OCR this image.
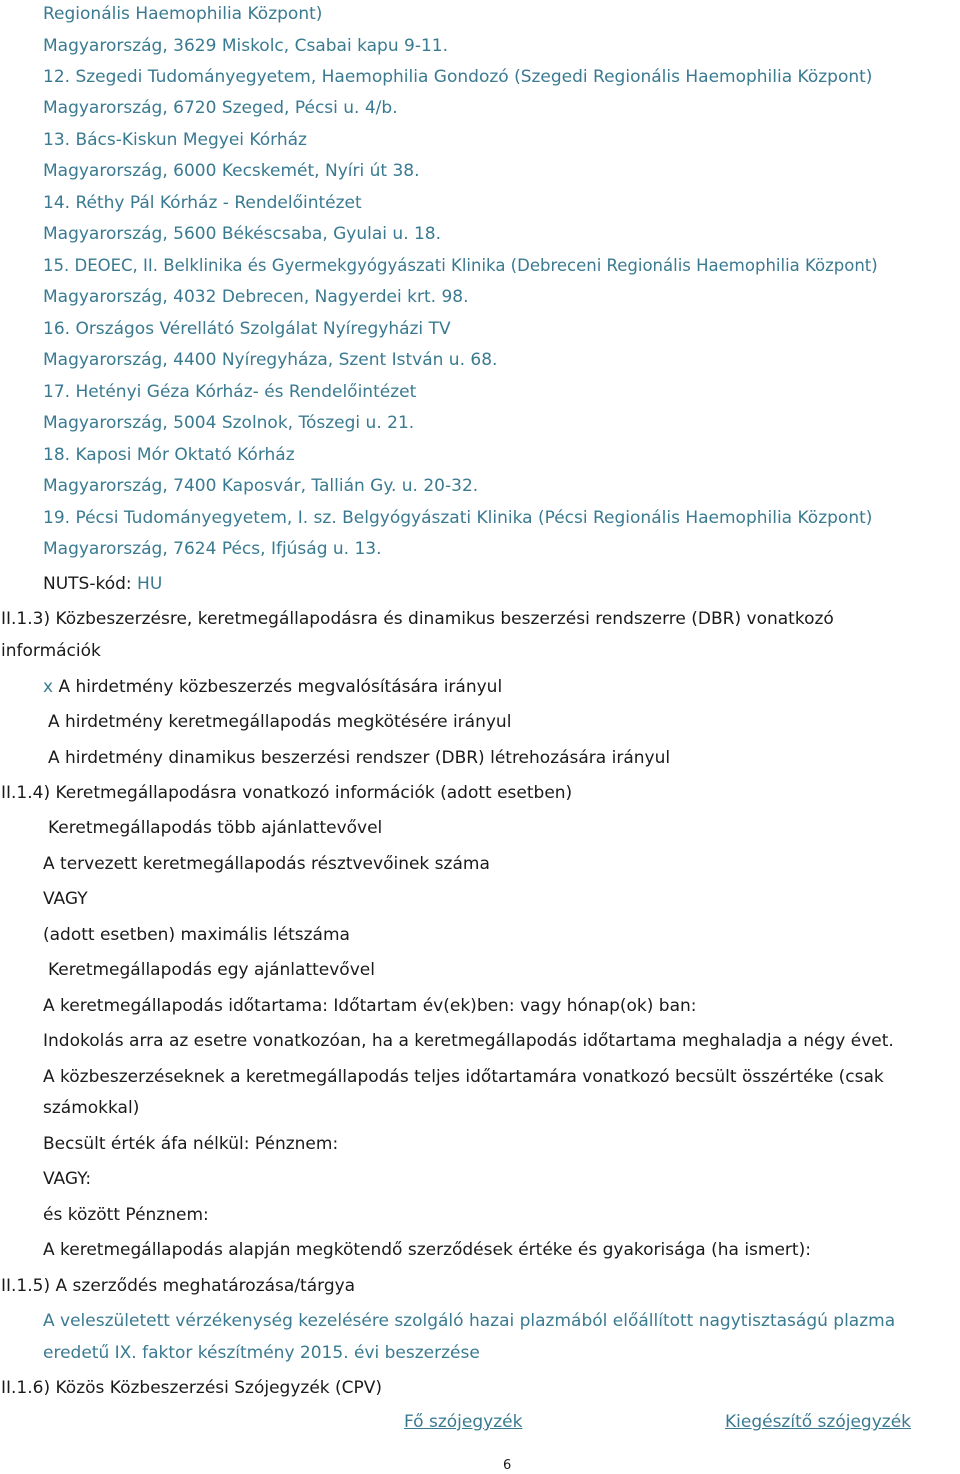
Regionális Haemophilia Központ)
Magyarország, 3629 Miskolc, Csabai kapu 9-11.
12. Szegedi Tudományegyetem, Haemophilia Gondozó (Szegedi Regionális Haemophilia Központ)
Magyarország, 6720 Szeged, Pécsi u. 4/b.
13. Bács-Kiskun Megyei Kórház
Magyarország, 6000 Kecskemét, Nyíri út 38.
14. Réthy Pál Kórház - Rendelőintézet
Magyarország, 5600 Békéscsaba, Gyulai u. 18.
15. DEOEC, II. Belklinika és Gyermekgyógyászati Klinika (Debreceni Regionális Haemophilia Központ)
Magyarország, 4032 Debrecen, Nagyerdei krt. 98.
16. Országos Vérellátó Szolgálat Nyíregyházi TV
Magyarország, 4400 Nyíregyháza, Szent István u. 68.
17. Hetényi Géza Kórház- és Rendelőintézet
Magyarország, 5004 Szolnok, Tószegi u. 21.
18. Kaposi Mór Oktató Kórház
Magyarország, 7400 Kaposvár, Tallián Gy. u. 20-32.
19. Pécsi Tudományegyetem, I. sz. Belgyógyászati Klinika (Pécsi Regionális Haemophilia Központ)
Magyarország, 7624 Pécs, Ifjúság u. 13.
NUTS-kód: HU
II.1.3) Közbeszerzésre, keretmegállapodásra és dinamikus beszerzési rendszerre (DBR) vonatkozó
információk
x A hirdetmény közbeszerzés megvalósítására irányul
A hirdetmény keretmegállapodás megkötésére irányul
A hirdetmény dinamikus beszerzési rendszer (DBR) létrehozására irányul
II.1.4) Keretmegállapodásra vonatkozó információk (adott esetben)
Keretmegállapodás több ajánlattevővel
A tervezett keretmegállapodás résztvevőinek száma
VAGY
(adott esetben) maximális létszáma
Keretmegállapodás egy ajánlattevővel
A keretmegállapodás időtartama: Időtartam év(ek)ben: vagy hónap(ok) ban:
Indokolás arra az esetre vonatkozóan, ha a keretmegállapodás időtartama meghaladja a négy évet.
A közbeszerzéseknek a keretmegállapodás teljes időtartamára vonatkozó becsült összértéke (csak
számokkal)
Becsült érték áfa nélkül: Pénznem:
VAGY:
és között Pénznem:
A keretmegállapodás alapján megkötendő szerződések értéke és gyakorisága (ha ismert):
II.1.5) A szerződés meghatározása/tárgya
A veleszületett vérzékenység kezelésére szolgáló hazai plazmából előállított nagytisztaságú plazma
eredetű IX. faktor készítmény 2015. évi beszerzése
II.1.6) Közös Közbeszerzési Szójegyzék (CPV)
Fő szójegyzék	Kiegészítő szójegyzék
6
